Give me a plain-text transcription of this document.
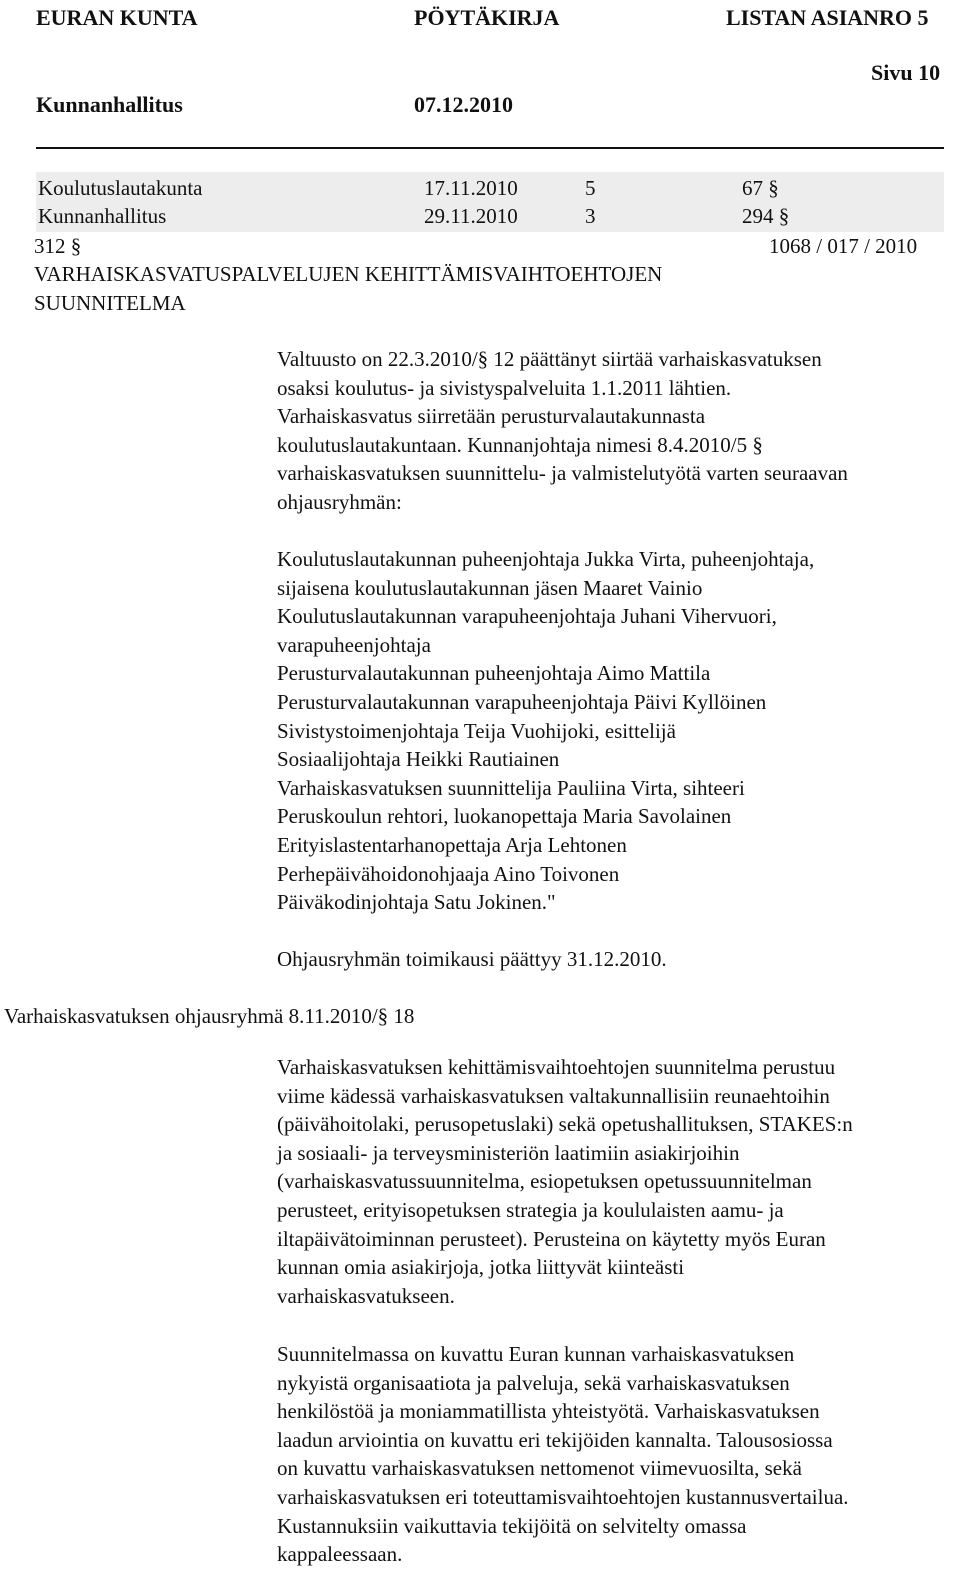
EURAN KUNTA	PÖYTÄKIRJA	LISTAN ASIANRO 5
Sivu 10
Kunnanhallitus	07.12.2010
Koulutuslautakunta	17.11.2010	5	67 §
Kunnanhallitus	29.11.2010	3	294 §
312 §	1068 / 017 / 2010
VARHAISKASVATUSPALVELUJEN KEHITTÄMISVAIHTOEHTOJEN
SUUNNITELMA
Valtuusto on 22.3.2010/§ 12 päättänyt siirtää varhaiskasvatuksen
osaksi koulutus- ja sivistyspalveluita 1.1.2011 lähtien.
Varhaiskasvatus siirretään perusturvalautakunnasta
koulutuslautakuntaan. Kunnanjohtaja nimesi 8.4.2010/5 §
varhaiskasvatuksen suunnittelu- ja valmistelutyötä varten seuraavan
ohjausryhmän:
Koulutuslautakunnan puheenjohtaja Jukka Virta, puheenjohtaja,
sijaisena koulutuslautakunnan jäsen Maaret Vainio
Koulutuslautakunnan varapuheenjohtaja Juhani Vihervuori,
varapuheenjohtaja
Perusturvalautakunnan puheenjohtaja Aimo Mattila
Perusturvalautakunnan varapuheenjohtaja Päivi Kyllöinen
Sivistystoimenjohtaja Teija Vuohijoki, esittelijä
Sosiaalijohtaja Heikki Rautiainen
Varhaiskasvatuksen suunnittelija Pauliina Virta, sihteeri
Peruskoulun rehtori, luokanopettaja Maria Savolainen
Erityislastentarhanopettaja Arja Lehtonen
Perhepäivähoidonohjaaja Aino Toivonen
Päiväkodinjohtaja Satu Jokinen."
Ohjausryhmän toimikausi päättyy 31.12.2010.
Varhaiskasvatuksen ohjausryhmä 8.11.2010/§ 18
Varhaiskasvatuksen kehittämisvaihtoehtojen suunnitelma perustuu
viime kädessä varhaiskasvatuksen valtakunnallisiin reunaehtoihin
(päivähoitolaki, perusopetuslaki) sekä opetushallituksen, STAKES:n
ja sosiaali- ja terveysministeriön laatimiin asiakirjoihin
(varhaiskasvatussuunnitelma, esiopetuksen opetussuunnitelman
perusteet, erityisopetuksen strategia ja koululaisten aamu- ja
iltapäivätoiminnan perusteet). Perusteina on käytetty myös Euran
kunnan omia asiakirjoja, jotka liittyvät kiinteästi
varhaiskasvatukseen.
Suunnitelmassa on kuvattu Euran kunnan varhaiskasvatuksen
nykyistä organisaatiota ja palveluja, sekä varhaiskasvatuksen
henkilöstöä ja moniammatillista yhteistyötä. Varhaiskasvatuksen
laadun arviointia on kuvattu eri tekijöiden kannalta. Talousosiossa
on kuvattu varhaiskasvatuksen nettomenot viimevuosilta, sekä
varhaiskasvatuksen eri toteuttamisvaihtoehtojen kustannusvertailua.
Kustannuksiin vaikuttavia tekijöitä on selvitelty omassa
kappaleessaan.
